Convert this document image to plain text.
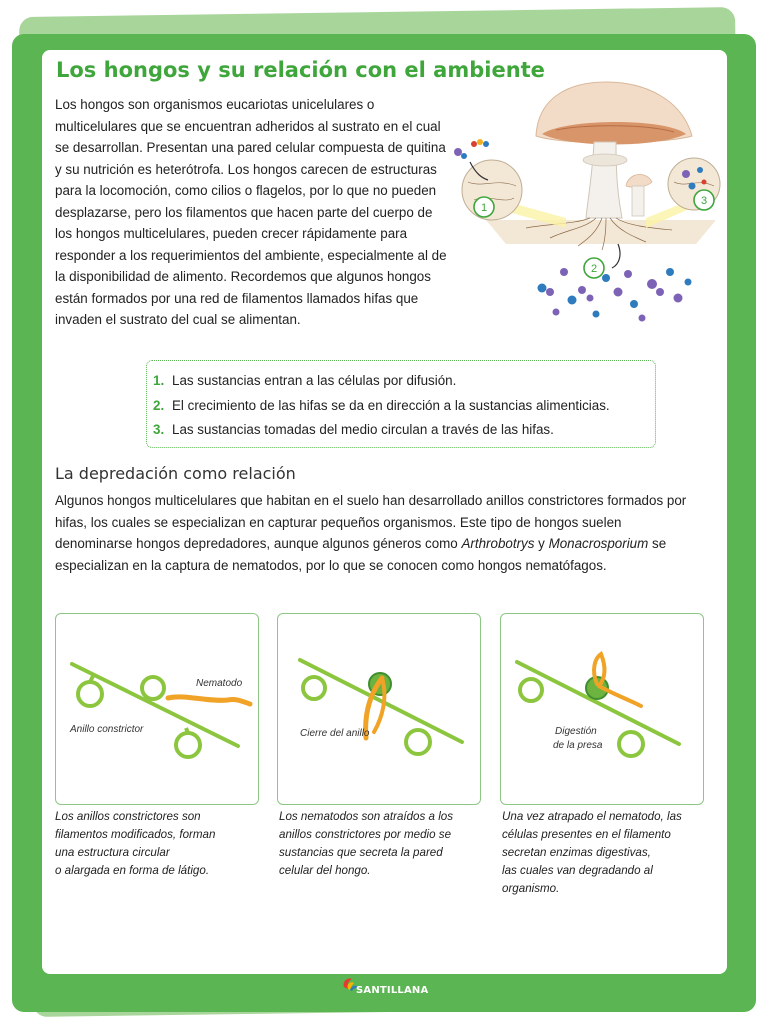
Los hongos y su relación con el ambiente

Los hongos son organismos eucariotas unicelulares o multicelulares que se encuentran adheridos al sustrato en el cual se desarrollan. Presentan una pared celular compuesta de quitina y su nutrición es heterótrofa. Los hongos carecen de estructuras para la locomoción, como cilios o flagelos, por lo que no pueden desplazarse, pero los filamentos que hacen parte del cuerpo de los hongos multicelulares, pueden crecer rápidamente para responder a los requerimientos del ambiente, especialmente al de la disponibilidad de alimento. Recordemos que algunos hongos están formados por una red de filamentos llamados hifas que invaden el sustrato del cual se alimentan.

1
2
3
1. Las sustancias entran a las células por difusión.
2. El crecimiento de las hifas se da en dirección a la sustancias alimenticias.
3. Las sustancias tomadas del medio circulan a través de las hifas.
La depredación como relación

Algunos hongos multicelulares que habitan en el suelo han desarrollado anillos constrictores formados por hifas, los cuales se especializan en capturar pequeños organismos. Este tipo de hongos suelen denominarse hongos depredadores, aunque algunos géneros como Arthrobotrys y Monacrosporium se especializan en la captura de nematodos, por lo que se conocen como hongos nematófagos.

Nematodo
Anillo constrictor

Los anillos constrictores son
filamentos modificados, forman
una estructura circular
o alargada en forma de látigo.

Cierre del anillo

Los nematodos son atraídos a los
anillos constrictores por medio se
sustancias que secreta la pared
celular del hongo.

Digestión
de la presa

Una vez atrapado el nematodo, las
células presentes en el filamento
secretan enzimas digestivas,
las cuales van degradando al
organismo.

SANTILLANA
